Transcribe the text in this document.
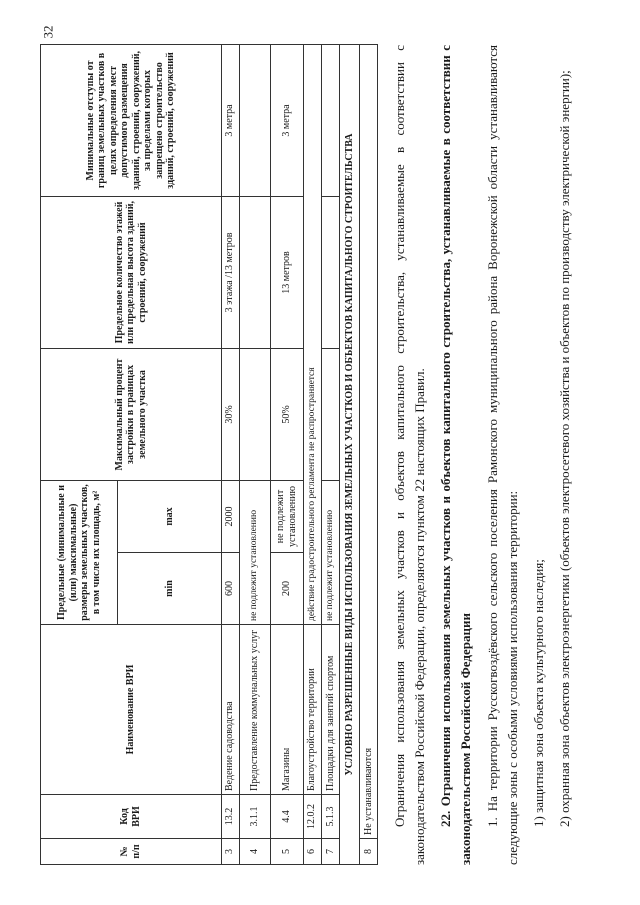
32
№ п/п	Код ВРИ	Наименование ВРИ	Предельные (минимальные и (или) максимальные) размеры земельных участков, в том числе их площадь, м²		Максимальный процент застройки в границах земельного участка	Предельное количество этажей или предельная высота зданий, строений, сооружений	Минимальные отступы от границ земельных участков в целях определения мест допустимого размещения зданий, строений, сооружений, за пределами которых запрещено строительство зданий, строений, сооружений
			min	max			
3	13.2	Ведение садоводства	600	2000	30%	3 этажа /13 метров	3 метра
4	3.1.1	Предоставление коммунальных услуг	не подлежит установлению				
5	4.4	Магазины	200	не подлежит установлению	50%	13 метров	3 метра
6	12.0.2	Благоустройство территории	действие градостроительного регламента не распространяется				
7	5.1.3	Площадки для занятий спортом	не подлежит установлению				
УСЛОВНО РАЗРЕШЕННЫЕ ВИДЫ ИСПОЛЬЗОВАНИЯ ЗЕМЕЛЬНЫХ УЧАСТКОВ И ОБЪЕКТОВ КАПИТАЛЬНОГО СТРОИТЕЛЬСТВА							
8	Не устанавливаются						Ограничения использования земельных участков и объектов капитального строительства, устанавливаемые в соответствии с законодательством Российской Федерации, определяются пунктом 22 настоящих Правил. 22. Ограничения использования земельных участков и объектов капитального строительства, устанавливаемые в соответствии с законодательством Российской Федерации 1. На территории Русскогвоздёвского сельского поселения Рамонского муниципального района Воронежской области устанавливаются следующие зоны с особыми условиями использования территории: 1) защитная зона объекта культурного наследия; 2) охранная зона объектов электроэнергетики (объектов электросетевого хозяйства и объектов по производству электрической энергии);
